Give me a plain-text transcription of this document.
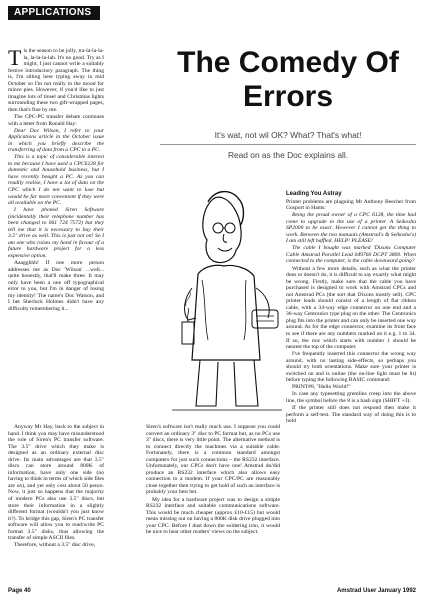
APPLICATIONS

Tis the season to be jolly, tra-la-la-la-la, la-la-la-lah. It's no good. Try as I might, I just cannot write a suitably festive introductory paragraph. The thing is, I'm sitting here typing away in mid October so I'm not really in the mood for mince pies. However, if you'd like to just imagine lots of tinsel and Christmas lights surrounding these two gift-wrapped pages, then that's fine by me.

The CPC-PC transfer debate continues with a letter from Ronald Hay:

Dear Doc Wilson, I refer to your Applications article in the October issue in which you briefly describe the transferring of data from a CPC to a PC.

This is a topic of considerable interest to me because I have used a CPC6128 for domestic and household business, but I have recently bought a PC. As you can readily realise, I have a lot of data on the CPC which I do not want to lose but would be far more convenient if they were all available on the PC.

I have phoned Siren Software (incidentally their telephone number has been changed to 061 724 7572) but they tell me that it is necessary to buy their 3.5" drive as well. This is just not on! So I am one who raises my hand in favour of a future hardware project for a less expensive option.

Aaagghhh! If one more person addresses me as Doc 'Wilson' ...well... quite honestly, that'll make three. It may only have been a one off typographical error to you, but I'm in danger of losing my identity! The name's Doc Watson, and I bet Sherlock Holmes didn't have any difficulty remembering it...

Anyway Mr Hay, back to the subject in hand. I think you may have misunderstood the role of Siren's PC transfer software. The 3.5" drive which they make is designed as an ordinary external disc drive. Its main advantages are that 3.5" discs can store around 800K of information, have only one side (no having to think in terms of which side files are on), and yet only cost about 50 pence. Now, it just so happens that the majority of modern PCs also use 3.5" discs, but store their information in a slightly different format (wouldn't you just know it?). To bridge this gap, Siren's PC transfer software will allow you to read/write PC format 3.5" disks, thus allowing the transfer of simple ASCII files.

Therefore, without a 3.5" disc drive,

The Comedy Of Errors
It's wat, not wil OK? What? That's what!
Read on as the Doc explains all.

Siren's software isn't really much use. I suppose you could convert an ordinary 3" disc to PC format but, as no PCs use 3" discs, there is very little point. The alternative method is to connect directly the machines via a suitable cable. Fortunately, there is a common standard amongst computers for just such connections – the RS232 interface. Unfortunately, our CPCs don't have one! Amstrad do/did produce an RS232 interface which also allows easy connection to a modem. If your CPC/PC are reasonably close together then trying to get hold of such an interface is probably your best bet.

My idea for a hardware project was to design a simple RS232 interface and suitable communications software. This would be much cheaper (approx £10-£15) but would mean missing out on having a 800K disk drive plugged into your CPC. Before I dust down the soldering iron, it would be nice to hear other readers' views on the subject.

Leading You Astray

Printer problems are plaguing Mr Anthony Beecher from Gosport in Hants:

Being the proud owner of a CPC 6128, the time had come to upgrade to the use of a printer. A Seikosha SP2000 to be exact. However I cannot get the thing to work. Between the two manuals (Amstrad's & Seikosha's) I am still left baffled. HELP! PLEASE!

The cable I bought was marked 'Dixons Computer Cable Amstrad Parallel Lead 049760 DCPT 3800. When connected to the computer, is the cable downward going?

Without a few more details, such as what the printer does or doesn't do, it is difficult to say exactly what might be wrong. Firstly, make sure that the cable you have purchased is designed to work with Amstrad CPCs and not Amstrad PCs (the sort that Dixons mostly sell). CPC printer leads should consist of a length of flat ribbon cable, with a 34-way edge connector on one end and a 36-way Centronics type plug on the other. The Centronics plug fits into the printer and can only be inserted one way around. As for the edge connector, examine its front face to see if there are any numbers marked on it e.g. 1 to 34. If so, the row which starts with number 1 should be nearest the top of the computer.

I've frequently inserted this connector the wrong way around, with no lasting side-effects, so perhaps you should try both orientations. Make sure your printer is switched on and is online (the on-line light must be lit) before typing the following BASIC command:

PRINT#8, "Hello World!"

In case any typesetting gremlins creep into the above line, the symbol before the 8 is a hash sign (SHIFT +3).

If the printer still does not respond then make it perform a self-test. The standard way of doing this is to hold

Page 40	Amstrad User January 1992
